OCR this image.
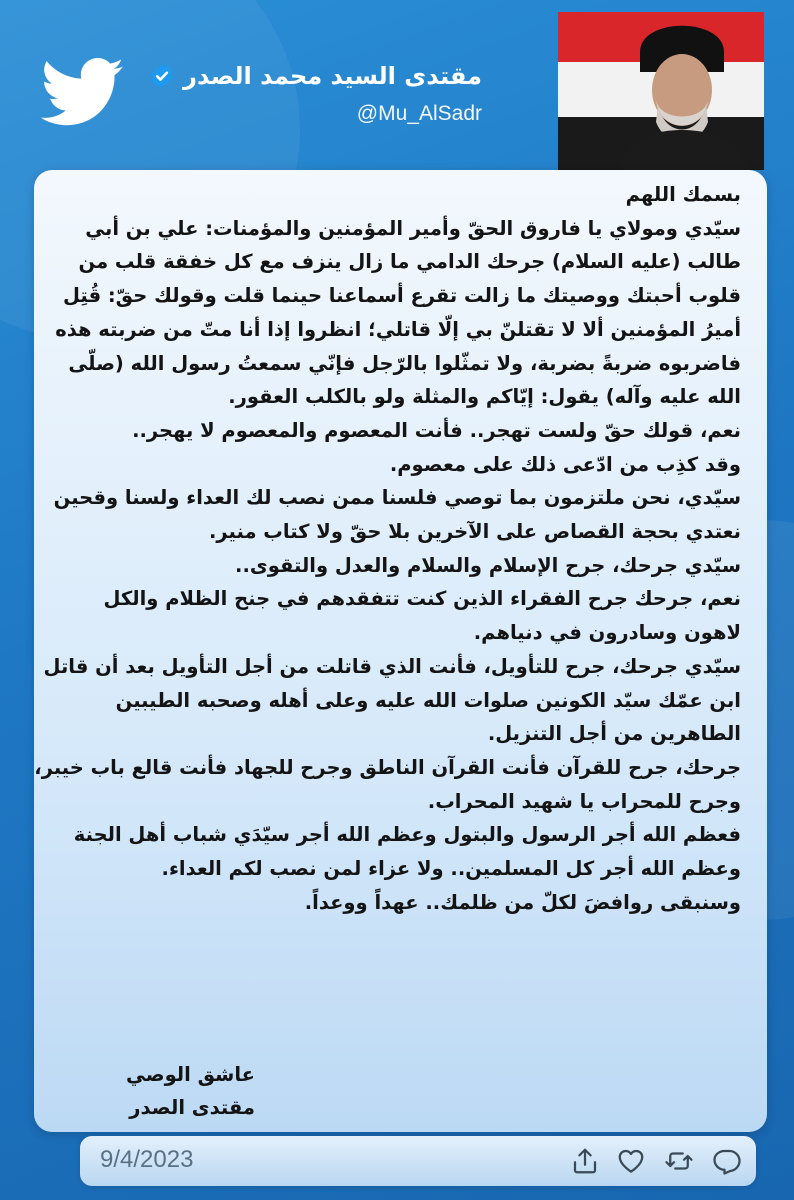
مقتدى السيد محمد الصدر
@Mu_AlSadr
بسمك اللهم
سيّدي ومولاي يا فاروق الحقّ وأمير المؤمنين والمؤمنات: علي بن أبي
طالب (عليه السلام) جرحك الدامي ما زال ينزف مع كل خفقة قلب من
قلوب أحبتك ووصيتك ما زالت تقرع أسماعنا حينما قلت وقولك حقّ: قُتِل
أميرُ المؤمنين ألا لا تقتلنّ بي إلّا قاتلي؛ انظروا إذا أنا متّ من ضربته هذه
فاضربوه ضربةً بضربة، ولا تمثّلوا بالرّجل فإنّي سمعتُ رسول الله (صلّى
الله عليه وآله) يقول: إيّاكم والمثلة ولو بالكلب العقور.
نعم، قولك حقّ ولست تهجر.. فأنت المعصوم والمعصوم لا يهجر..
وقد كذِب من ادّعى ذلك على معصوم.
سيّدي، نحن ملتزمون بما توصي فلسنا ممن نصب لك العداء ولسنا وقحين
نعتدي بحجة القصاص على الآخرين بلا حقّ ولا كتاب منير.
سيّدي جرحك، جرح الإسلام والسلام والعدل والتقوى..
نعم، جرحك جرح الفقراء الذين كنت تتفقدهم في جنح الظلام والكل
لاهون وسادرون في دنياهم.
سيّدي جرحك، جرح للتأويل، فأنت الذي قاتلت من أجل التأويل بعد أن قاتل
ابن عمّك سيّد الكونين صلوات الله عليه وعلى أهله وصحبه الطيبين
الطاهرين من أجل التنزيل.
جرحك، جرح للقرآن فأنت القرآن الناطق وجرح للجهاد فأنت قالع باب خيبر،
وجرح للمحراب يا شهيد المحراب.
فعظم الله أجر الرسول والبتول وعظم الله أجر سيّدَي شباب أهل الجنة
وعظم الله أجر كل المسلمين.. ولا عزاء لمن نصب لكم العداء.
وسنبقى روافضَ لكلّ من ظلمك.. عهداً ووعداً.
عاشق الوصي
مقتدى الصدر
9/4/2023
